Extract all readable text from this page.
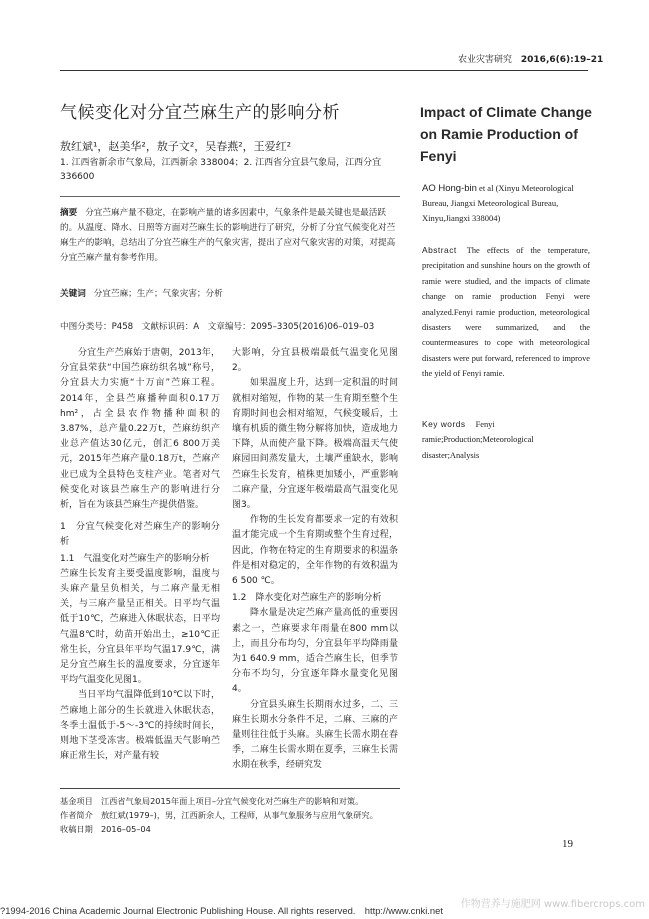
农业灾害研究 2016,6(6):19–21
气候变化对分宜苎麻生产的影响分析	Impact of Climate Change on Ramie Production of Fenyi
敖红斌¹，赵美华²，敖子文²，吴春燕²，王爱红²
1. 江西省新余市气象局，江西新余 338004；2. 江西省分宜县气象局，江西分宜 336600
摘要 分宜苎麻产量不稳定，在影响产量的诸多因素中，气象条件是最关键也是最活跃的。从温度、降水、日照等方面对苎麻生长的影响进行了研究，分析了分宜气候变化对苎麻生产的影响，总结出了分宜苎麻生产的气象灾害，提出了应对气象灾害的对策，对提高分宜苎麻产量有参考作用。
关键词 分宜苎麻；生产；气象灾害；分析
中图分类号：P458　文献标识码：A　文章编号：2095–3305(2016)06–019–03

分宜生产苎麻始于唐朝，2013年，分宜县荣获“中国苎麻纺织名城”称号，分宜县大力实施“十万亩”苎麻工程。2014年，全县苎麻播种面积0.17万hm²，占全县农作物播种面积的3.87%，总产量0.22万t，苎麻纺织产业总产值达30亿元，创汇6 800万美元，2015年苎麻产量0.18万t，苎麻产业已成为全县特色支柱产业。笔者对气候变化对该县苎麻生产的影响进行分析，旨在为该县苎麻生产提供借鉴。

1　分宜气候变化对苎麻生产的影响分析

1.1　气温变化对苎麻生产的影响分析

苎麻生长发育主要受温度影响，温度与头麻产量呈负相关，与二麻产量无相关，与三麻产量呈正相关。日平均气温低于10℃，苎麻进入休眠状态，日平均气温8℃时，幼苗开始出土，≥10℃正常生长，分宜县年平均气温17.9℃，满足分宜苎麻生长的温度要求，分宜逐年平均气温变化见图1。

当日平均气温降低到10℃以下时，苎麻地上部分的生长就进入休眠状态，冬季土温低于-5～-3℃的持续时间长，则地下茎受冻害。极端低温天气影响苎麻正常生长，对产量有较

大影响，分宜县极端最低气温变化见图2。

如果温度上升，达到一定积温的时间就相对缩短，作物的某一生育期至整个生育期时间也会相对缩短，气候变暖后，土壤有机质的微生物分解将加快，造成地力下降，从而使产量下降。极端高温天气使麻园田间蒸发量大，土壤严重缺水，影响苎麻生长发育，植株更加矮小，严重影响二麻产量，分宜逐年极端最高气温变化见图3。

作物的生长发育都要求一定的有效积温才能完成一个生育期或整个生育过程，因此，作物在特定的生育期要求的积温条件是相对稳定的，全年作物的有效积温为6 500 ℃。

1.2　降水变化对苎麻生产的影响分析

降水量是决定苎麻产量高低的重要因素之一，苎麻要求年雨量在800 mm以上，而且分布均匀，分宜县年平均降雨量为1 640.9 mm，适合苎麻生长，但季节分布不均匀，分宜逐年降水量变化见图4。

分宜县头麻生长期雨水过多，二、三麻生长期水分条件不足，二麻、三麻的产量则往往低于头麻。头麻生长需水期在春季，二麻生长需水期在夏季，三麻生长需水期在秋季，经研究发

AO Hong-bin et al (Xinyu Meteorological Bureau, Jiangxi Meteorological Bureau, Xinyu,Jiangxi 338004)
Abstract The effects of the temperature, precipitation and sunshine hours on the growth of ramie were studied, and the impacts of climate change on ramie production Fenyi were analyzed.Fenyi ramie production, meteorological disasters were summarized, and the countermeasures to cope with meteorological disasters were put forward, referenced to improve the yield of Fenyi ramie.
Key words Fenyi ramie;Production;Meteorological disaster;Analysis
基金项目　江西省气象局2015年面上项目–分宜气候变化对苎麻生产的影响和对策。
作者简介　敖红斌(1979–)，男，江西新余人，工程师，从事气象服务与应用气象研究。
收稿日期　2016–05–04
19
?1994-2016 China Academic Journal Electronic Publishing House. All rights reserved.　http://www.cnki.net
作物营养与施肥网 www.fibercrops.com
